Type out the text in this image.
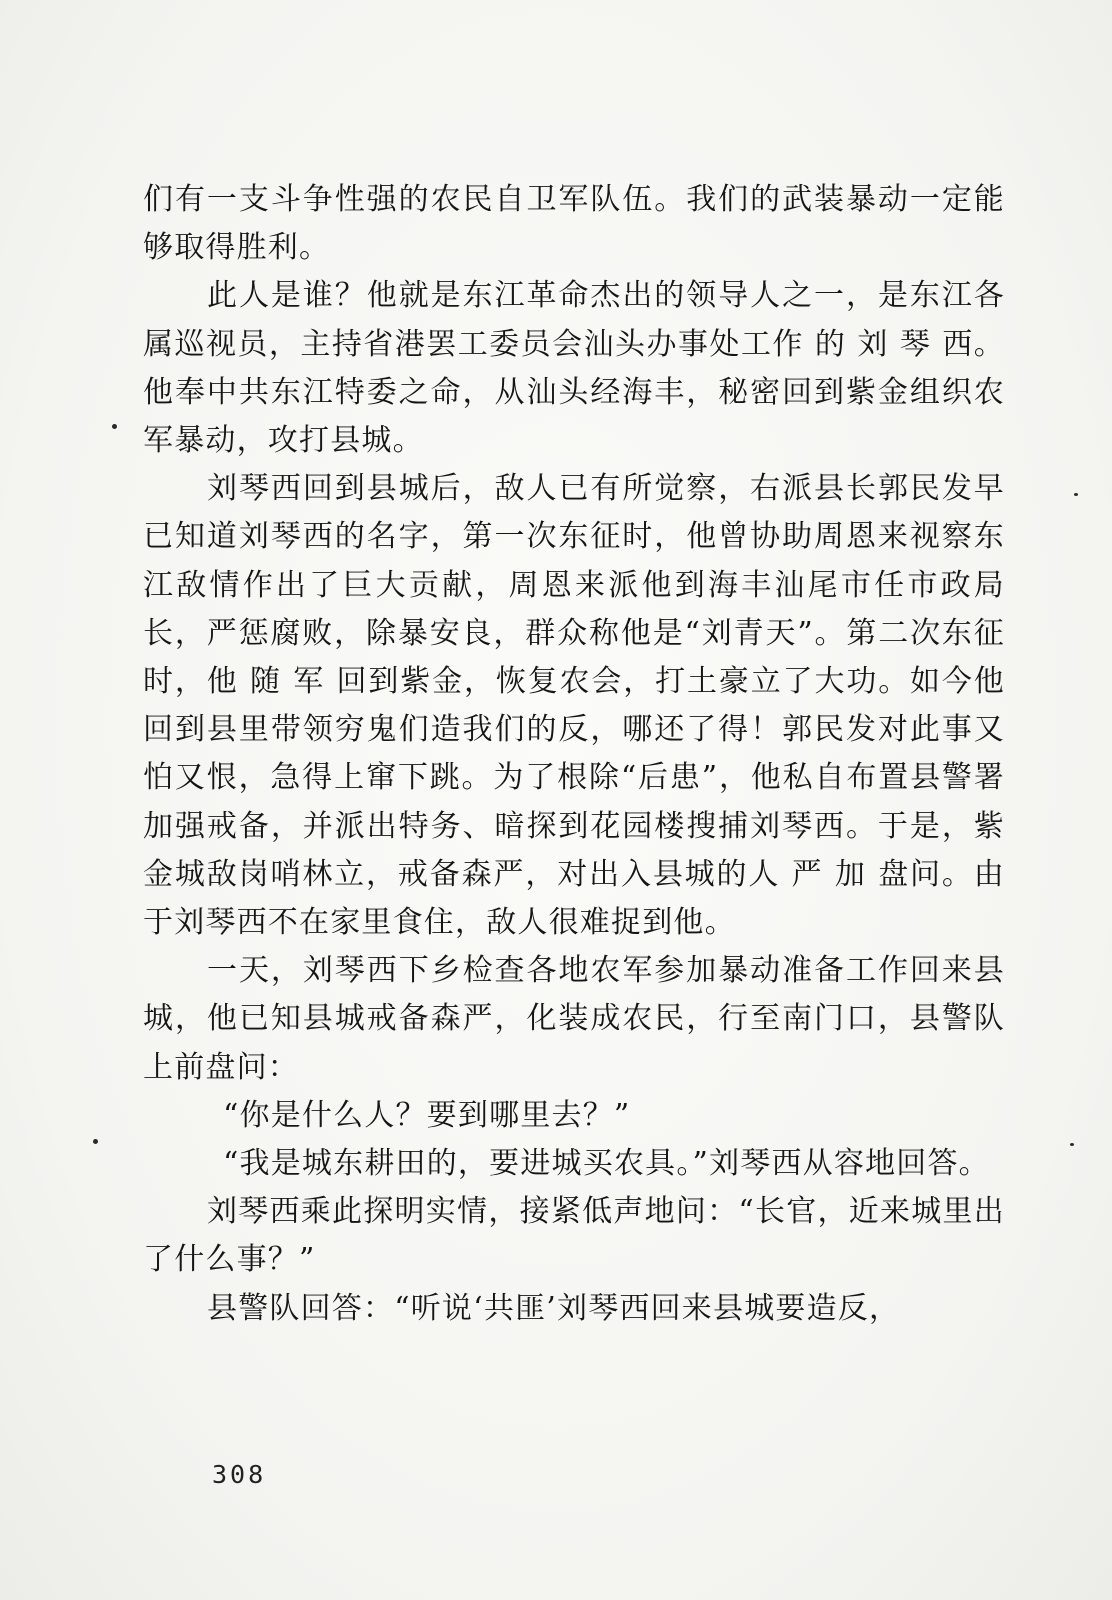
们有一支斗争性强的农民自卫军队伍。我们的武装暴动一定能够取得胜利。

此人是谁？他就是东江革命杰出的领导人之一，是东江各属巡视员，主持省港罢工委员会汕头办事处工作 的 刘 琴 西。他奉中共东江特委之命，从汕头经海丰，秘密回到紫金组织农军暴动，攻打县城。

刘琴西回到县城后，敌人已有所觉察，右派县长郭民发早已知道刘琴西的名字，第一次东征时，他曾协助周恩来视察东江敌情作出了巨大贡献，周恩来派他到海丰汕尾市任市政局长，严惩腐败，除暴安良，群众称他是“刘青天”。第二次东征时，他 随 军 回到紫金，恢复农会，打土豪立了大功。如今他回到县里带领穷鬼们造我们的反，哪还了得！郭民发对此事又怕又恨，急得上窜下跳。为了根除“后患”，他私自布置县警署加强戒备，并派出特务、暗探到花园楼搜捕刘琴西。于是，紫金城敌岗哨林立，戒备森严，对出入县城的人 严 加 盘问。由于刘琴西不在家里食住，敌人很难捉到他。

一天，刘琴西下乡检查各地农军参加暴动准备工作回来县城，他已知县城戒备森严，化装成农民，行至南门口，县警队上前盘问：

“你是什么人？要到哪里去？”

“我是城东耕田的，要进城买农具。”刘琴西从容地回答。

刘琴西乘此探明实情，接紧低声地问：“长官，近来城里出了什么事？”

县警队回答：“听说‘共匪’刘琴西回来县城要造反，

308
